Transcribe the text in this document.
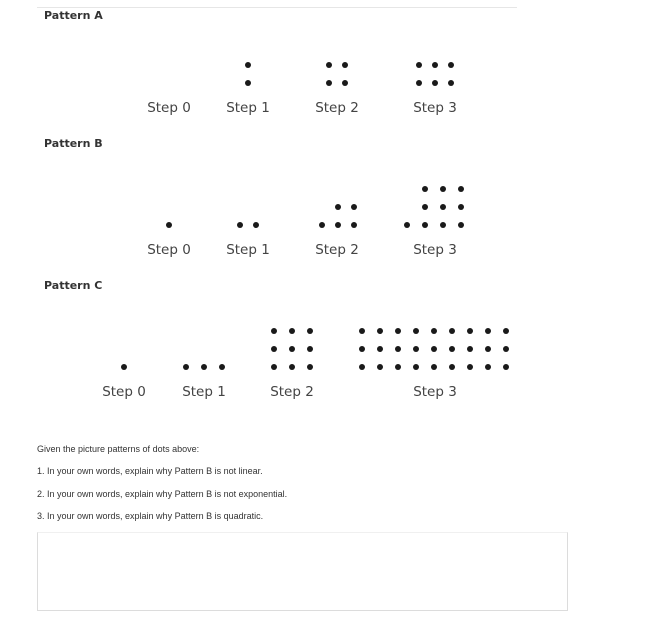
Pattern A
Pattern B
Pattern C
Step 0	Step 1	Step 2	Step 3
Step 0	Step 1	Step 2	Step 3
Step 0	Step 1	Step 2	Step 3
Given the picture patterns of dots above:
1. In your own words, explain why Pattern B is not linear.
2. In your own words, explain why Pattern B is not exponential.
3. In your own words, explain why Pattern B is quadratic.
